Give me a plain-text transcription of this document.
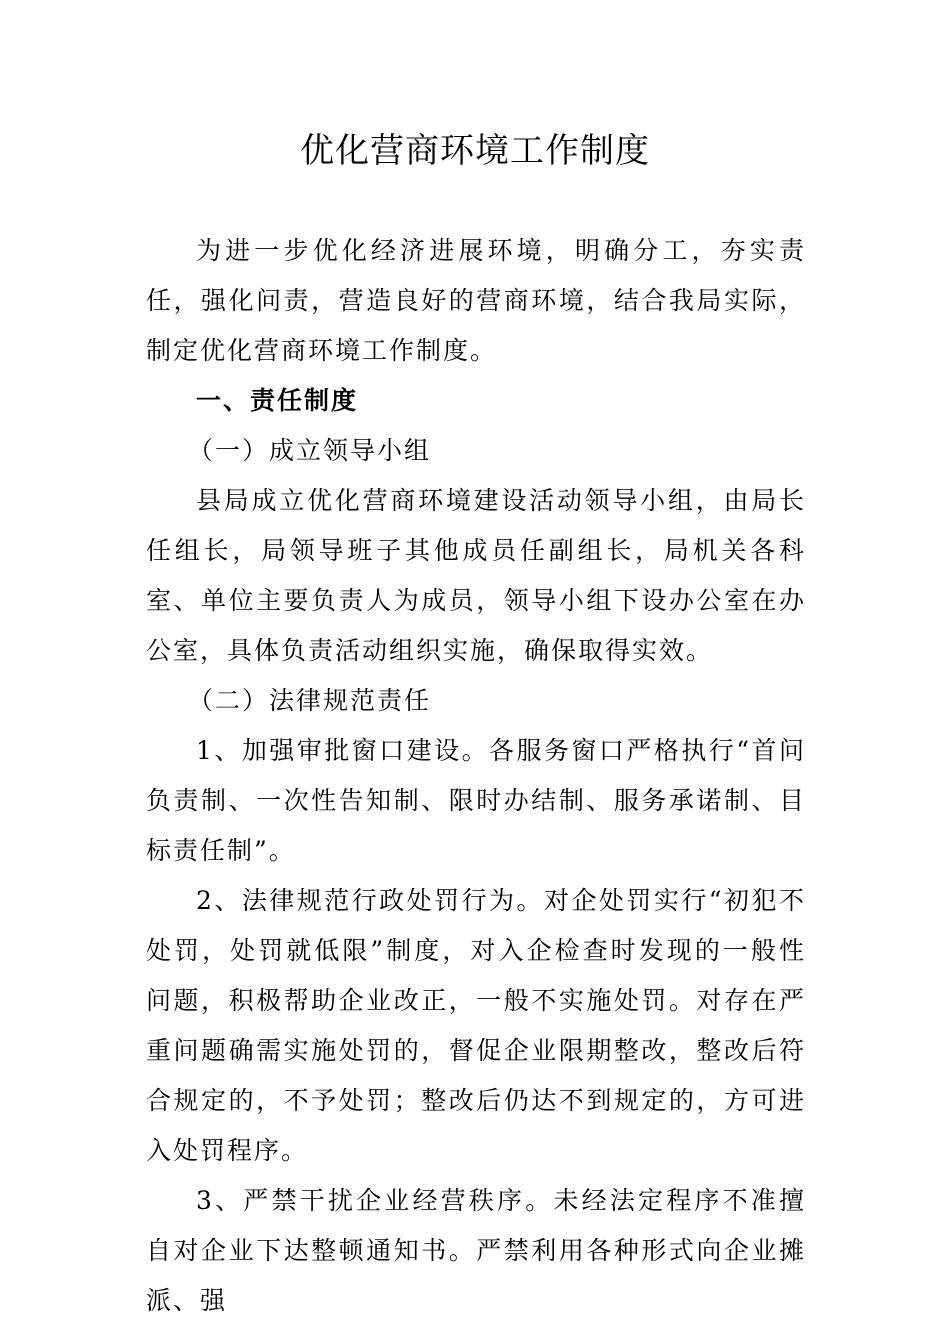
优化营商环境工作制度

为进一步优化经济进展环境，明确分工，夯实责任，强化问责，营造良好的营商环境，结合我局实际，制定优化营商环境工作制度。

一、责任制度

（一）成立领导小组

县局成立优化营商环境建设活动领导小组，由局长任组长，局领导班子其他成员任副组长，局机关各科室、单位主要负责人为成员，领导小组下设办公室在办公室，具体负责活动组织实施，确保取得实效。

（二）法律规范责任

1、加强审批窗口建设。各服务窗口严格执行“首问负责制、一次性告知制、限时办结制、服务承诺制、目标责任制”。

2、法律规范行政处罚行为。对企处罚实行“初犯不处罚，处罚就低限”制度，对入企检查时发现的一般性问题，积极帮助企业改正，一般不实施处罚。对存在严重问题确需实施处罚的，督促企业限期整改，整改后符合规定的，不予处罚；整改后仍达不到规定的，方可进入处罚程序。

3、严禁干扰企业经营秩序。未经法定程序不准擅自对企业下达整顿通知书。严禁利用各种形式向企业摊派、强
